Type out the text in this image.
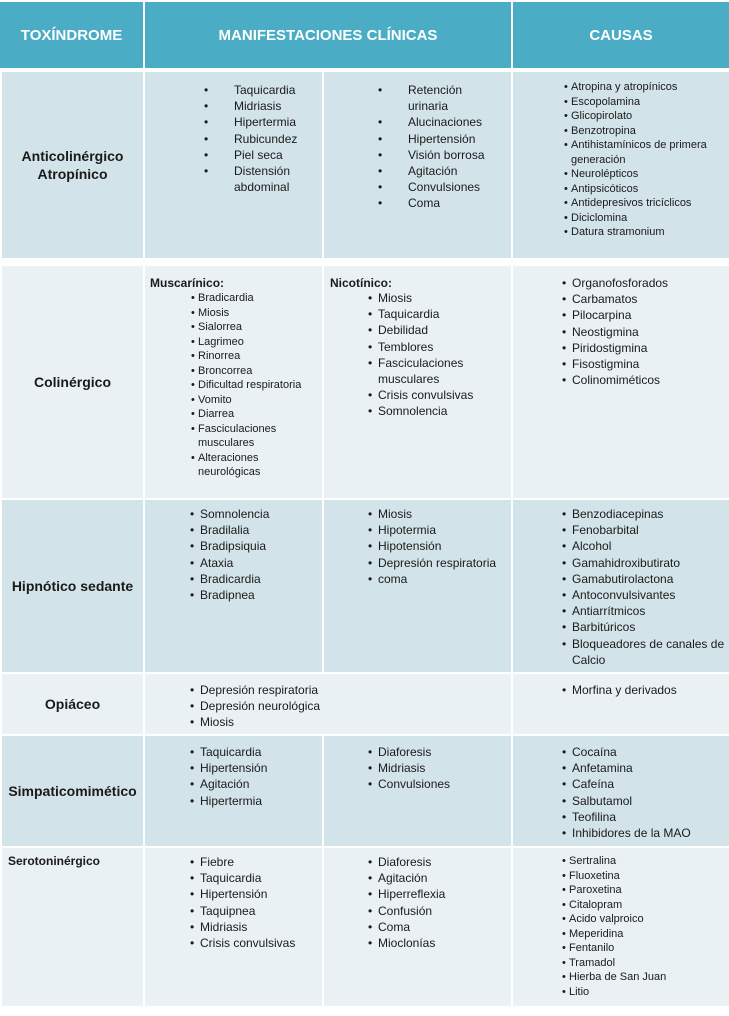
TOXÍNDROME	MANIFESTACIONES CLÍNICAS	CAUSAS
Anticolinérgico Atropínico
• Taquicardia
• Midriasis
• Hipertermia
• Rubicundez
• Piel seca
• Distensión abdominal
• Retención urinaria
• Alucinaciones
• Hipertensión
• Visión borrosa
• Agitación
• Convulsiones
• Coma
• Atropina y atropínicos
• Escopolamina
• Glicopirolato
• Benzotropina
• Antihistamínicos de primera generación
• Neurolépticos
• Antipsicóticos
• Antidepresivos tricíclicos
• Diciclomina
• Datura stramonium
Colinérgico
Muscarínico:
• Bradicardia
• Miosis
• Sialorrea
• Lagrimeo
• Rinorrea
• Broncorrea
• Dificultad respiratoria
• Vomito
• Diarrea
• Fasciculaciones musculares
• Alteraciones neurológicas
Nicotínico:
• Miosis
• Taquicardia
• Debilidad
• Temblores
• Fasciculaciones musculares
• Crisis convulsivas
• Somnolencia
• Organofosforados
• Carbamatos
• Pilocarpina
• Neostigmina
• Piridostigmina
• Fisostigmina
• Colinomiméticos
Hipnótico sedante
• Somnolencia
• Bradilalia
• Bradipsiquia
• Ataxia
• Bradicardia
• Bradipnea
• Miosis
• Hipotermia
• Hipotensión
• Depresión respiratoria
• coma
• Benzodiacepinas
• Fenobarbital
• Alcohol
• Gamahidroxibutirato
• Gamabutirolactona
• Antoconvulsivantes
• Antiarrítmicos
• Barbitúricos
• Bloqueadores de canales de Calcio
Opiáceo
• Depresión respiratoria
• Depresión neurológica
• Miosis
• Morfina y derivados
Simpaticomimético
• Taquicardia
• Hipertensión
• Agitación
• Hipertermia
• Diaforesis
• Midriasis
• Convulsiones
• Cocaína
• Anfetamina
• Cafeína
• Salbutamol
• Teofilina
• Inhibidores de la MAO
Serotoninérgico
•	Fiebre
• Taquicardia
• Hipertensión
• Taquipnea
• Midriasis
• Crisis convulsivas
• Diaforesis
• Agitación
• Hiperreflexia
• Confusión
• Coma
• Mioclonías
• Sertralina
• Fluoxetina
• Paroxetina
• Citalopram
• Acido valproico
• Meperidina
• Fentanilo
• Tramadol
• Hierba de San Juan
• Litio
